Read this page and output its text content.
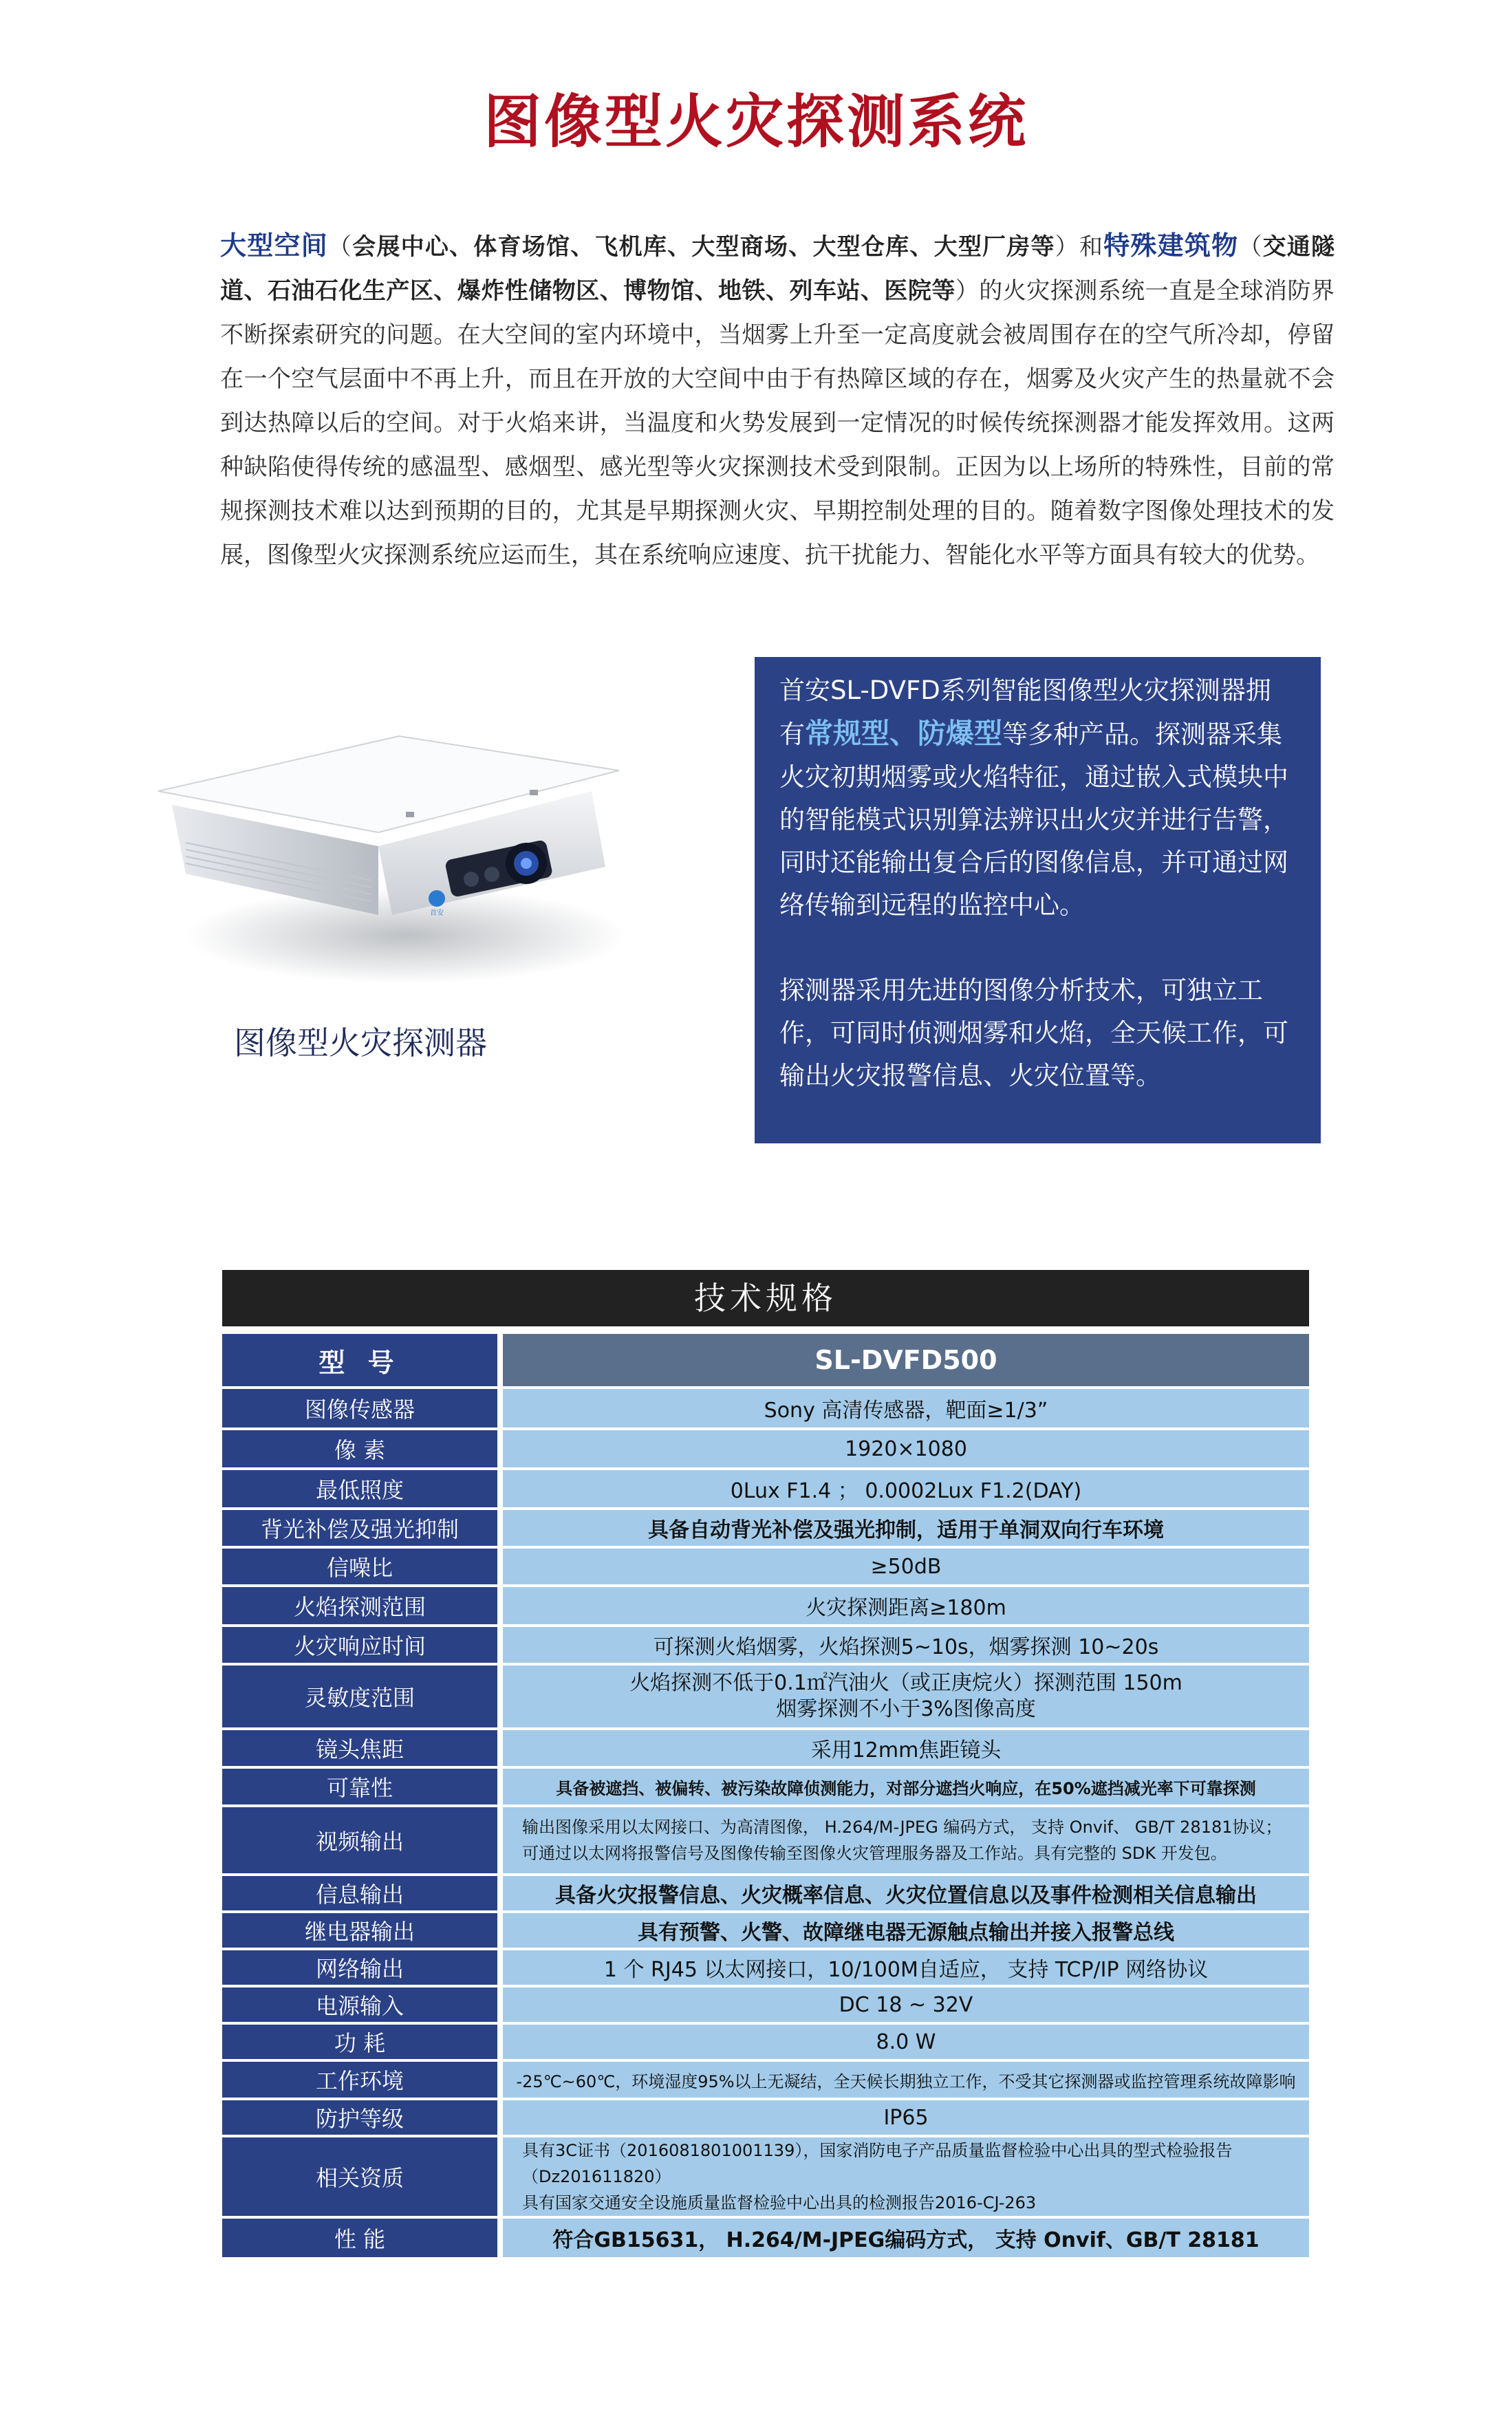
图像型火灾探测系统
大型空间（会展中心、体育场馆、飞机库、大型商场、大型仓库、大型厂房等）和特殊建筑物（交通隧道、石油石化生产区、爆炸性储物区、博物馆、地铁、列车站、医院等）的火灾探测系统一直是全球消防界不断探索研究的问题。在大空间的室内环境中，当烟雾上升至一定高度就会被周围存在的空气所冷却，停留在一个空气层面中不再上升，而且在开放的大空间中由于有热障区域的存在，烟雾及火灾产生的热量就不会到达热障以后的空间。对于火焰来讲，当温度和火势发展到一定情况的时候传统探测器才能发挥效用。这两种缺陷使得传统的感温型、感烟型、感光型等火灾探测技术受到限制。正因为以上场所的特殊性，目前的常规探测技术难以达到预期的目的，尤其是早期探测火灾、早期控制处理的目的。随着数字图像处理技术的发展，图像型火灾探测系统应运而生，其在系统响应速度、抗干扰能力、智能化水平等方面具有较大的优势。
首安
图像型火灾探测器

首安SL-DVFD系列智能图像型火灾探测器拥有常规型、防爆型等多种产品。探测器采集火灾初期烟雾或火焰特征，通过嵌入式模块中的智能模式识别算法辨识出火灾并进行告警，同时还能输出复合后的图像信息，并可通过网络传输到远程的监控中心。

探测器采用先进的图像分析技术，可独立工作，可同时侦测烟雾和火焰，全天候工作，可输出火灾报警信息、火灾位置等。

技术规格
型 号	SL-DVFD500
图像传感器	Sony 高清传感器，靶面≥1/3”
像 素	1920×1080
最低照度	0Lux F1.4 ； 0.0002Lux F1.2(DAY)
背光补偿及强光抑制	具备自动背光补偿及强光抑制，适用于单洞双向行车环境
信噪比	≥50dB
火焰探测范围	火灾探测距离≥180m
火灾响应时间	可探测火焰烟雾，火焰探测5~10s，烟雾探测 10~20s
灵敏度范围	火焰探测不低于0.1㎡汽油火（或正庚烷火）探测范围 150m
烟雾探测不小于3%图像高度

镜头焦距	采用12mm焦距镜头
可靠性	具备被遮挡、被偏转、被污染故障侦测能力，对部分遮挡火响应，在50%遮挡减光率下可靠探测
视频输出	输出图像采用以太网接口、为高清图像， H.264/M-JPEG 编码方式， 支持 Onvif、 GB/T 28181协议；
可通过以太网将报警信号及图像传输至图像火灾管理服务器及工作站。具有完整的 SDK 开发包。

信息输出	具备火灾报警信息、火灾概率信息、火灾位置信息以及事件检测相关信息输出
继电器输出	具有预警、火警、故障继电器无源触点输出并接入报警总线
网络输出	1 个 RJ45 以太网接口，10/100M自适应， 支持 TCP/IP 网络协议
电源输入	DC 18 ~ 32V
功 耗	8.0 W
工作环境	-25℃~60℃，环境湿度95%以上无凝结，全天候长期独立工作，不受其它探测器或监控管理系统故障影响
防护等级	IP65
相关资质	具有3C证书（2016081801001139），国家消防电子产品质量监督检验中心出具的型式检验报告（Dz201611820）
具有国家交通安全设施质量监督检验中心出具的检测报告2016-CJ-263

性 能	符合GB15631， H.264/M-JPEG编码方式， 支持 Onvif、GB/T 28181
